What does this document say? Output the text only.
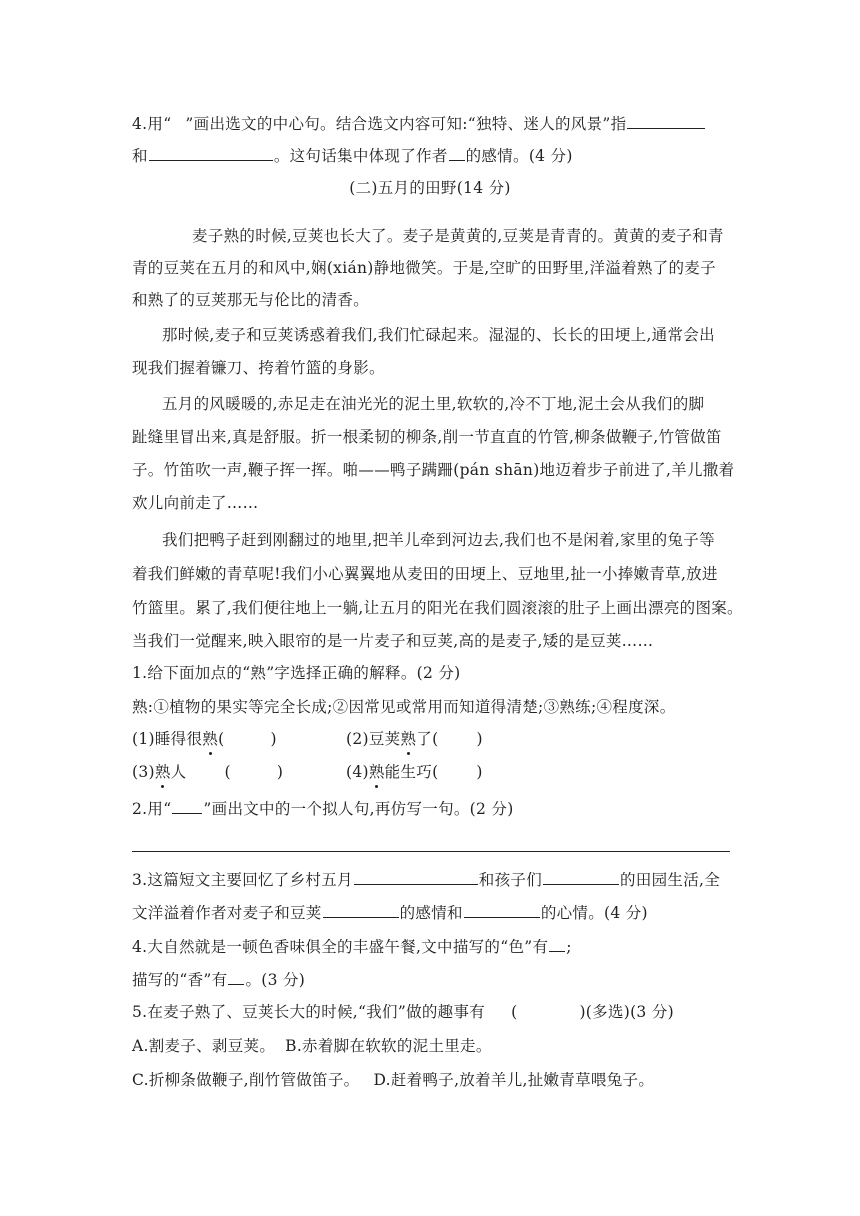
4.用“ ”画出选文的中心句。结合选文内容可知:“独特、迷人的风景”指
和	。这句话集中体现了作者 的感情。(4 分)
(二)五月的田野(14 分)
麦子熟的时候,豆荚也长大了。麦子是黄黄的,豆荚是青青的。黄黄的麦子和青
青的豆荚在五月的和风中,娴(xián)静地微笑。于是,空旷的田野里,洋溢着熟了的麦子
和熟了的豆荚那无与伦比的清香。
那时候,麦子和豆荚诱惑着我们,我们忙碌起来。湿湿的、长长的田埂上,通常会出
现我们握着镰刀、挎着竹篮的身影。
五月的风暖暖的,赤足走在油光光的泥土里,软软的,冷不丁地,泥土会从我们的脚
趾缝里冒出来,真是舒服。折一根柔韧的柳条,削一节直直的竹管,柳条做鞭子,竹管做笛
子。竹笛吹一声,鞭子挥一挥。啪——鸭子蹒跚(pán shān)地迈着步子前进了,羊儿撒着
欢儿向前走了……
我们把鸭子赶到刚翻过的地里,把羊儿牵到河边去,我们也不是闲着,家里的兔子等
着我们鲜嫩的青草呢!我们小心翼翼地从麦田的田埂上、豆地里,扯一小捧嫩青草,放进
竹篮里。累了,我们便往地上一躺,让五月的阳光在我们圆滚滚的肚子上画出漂亮的图案。
当我们一觉醒来,映入眼帘的是一片麦子和豆荚,高的是麦子,矮的是豆荚……
1.给下面加点的“熟”字选择正确的解释。(2 分)
熟:①植物的果实等完全长成;②因常见或常用而知道得清楚;③熟练;④程度深。
(1)睡得很熟(	)	(2)豆荚熟了( )
(3)熟人 (	)	(4)熟能生巧( )
2.用“ ”画出文中的一个拟人句,再仿写一句。(2 分)
3.这篇短文主要回忆了乡村五月	和孩子们	的田园生活,全
文洋溢着作者对麦子和豆荚	的感情和	的心情。(4 分)
4.大自然就是一顿色香味俱全的丰盛午餐,文中描写的“色”有 ;
描写的“香”有 。(3 分)
5.在麦子熟了、豆荚长大的时候,“我们”做的趣事有 (	)(多选)(3 分)
A.割麦子、剥豆荚。 B.赤着脚在软软的泥土里走。
C.折柳条做鞭子,削竹管做笛子。 D.赶着鸭子,放着羊儿,扯嫩青草喂兔子。
